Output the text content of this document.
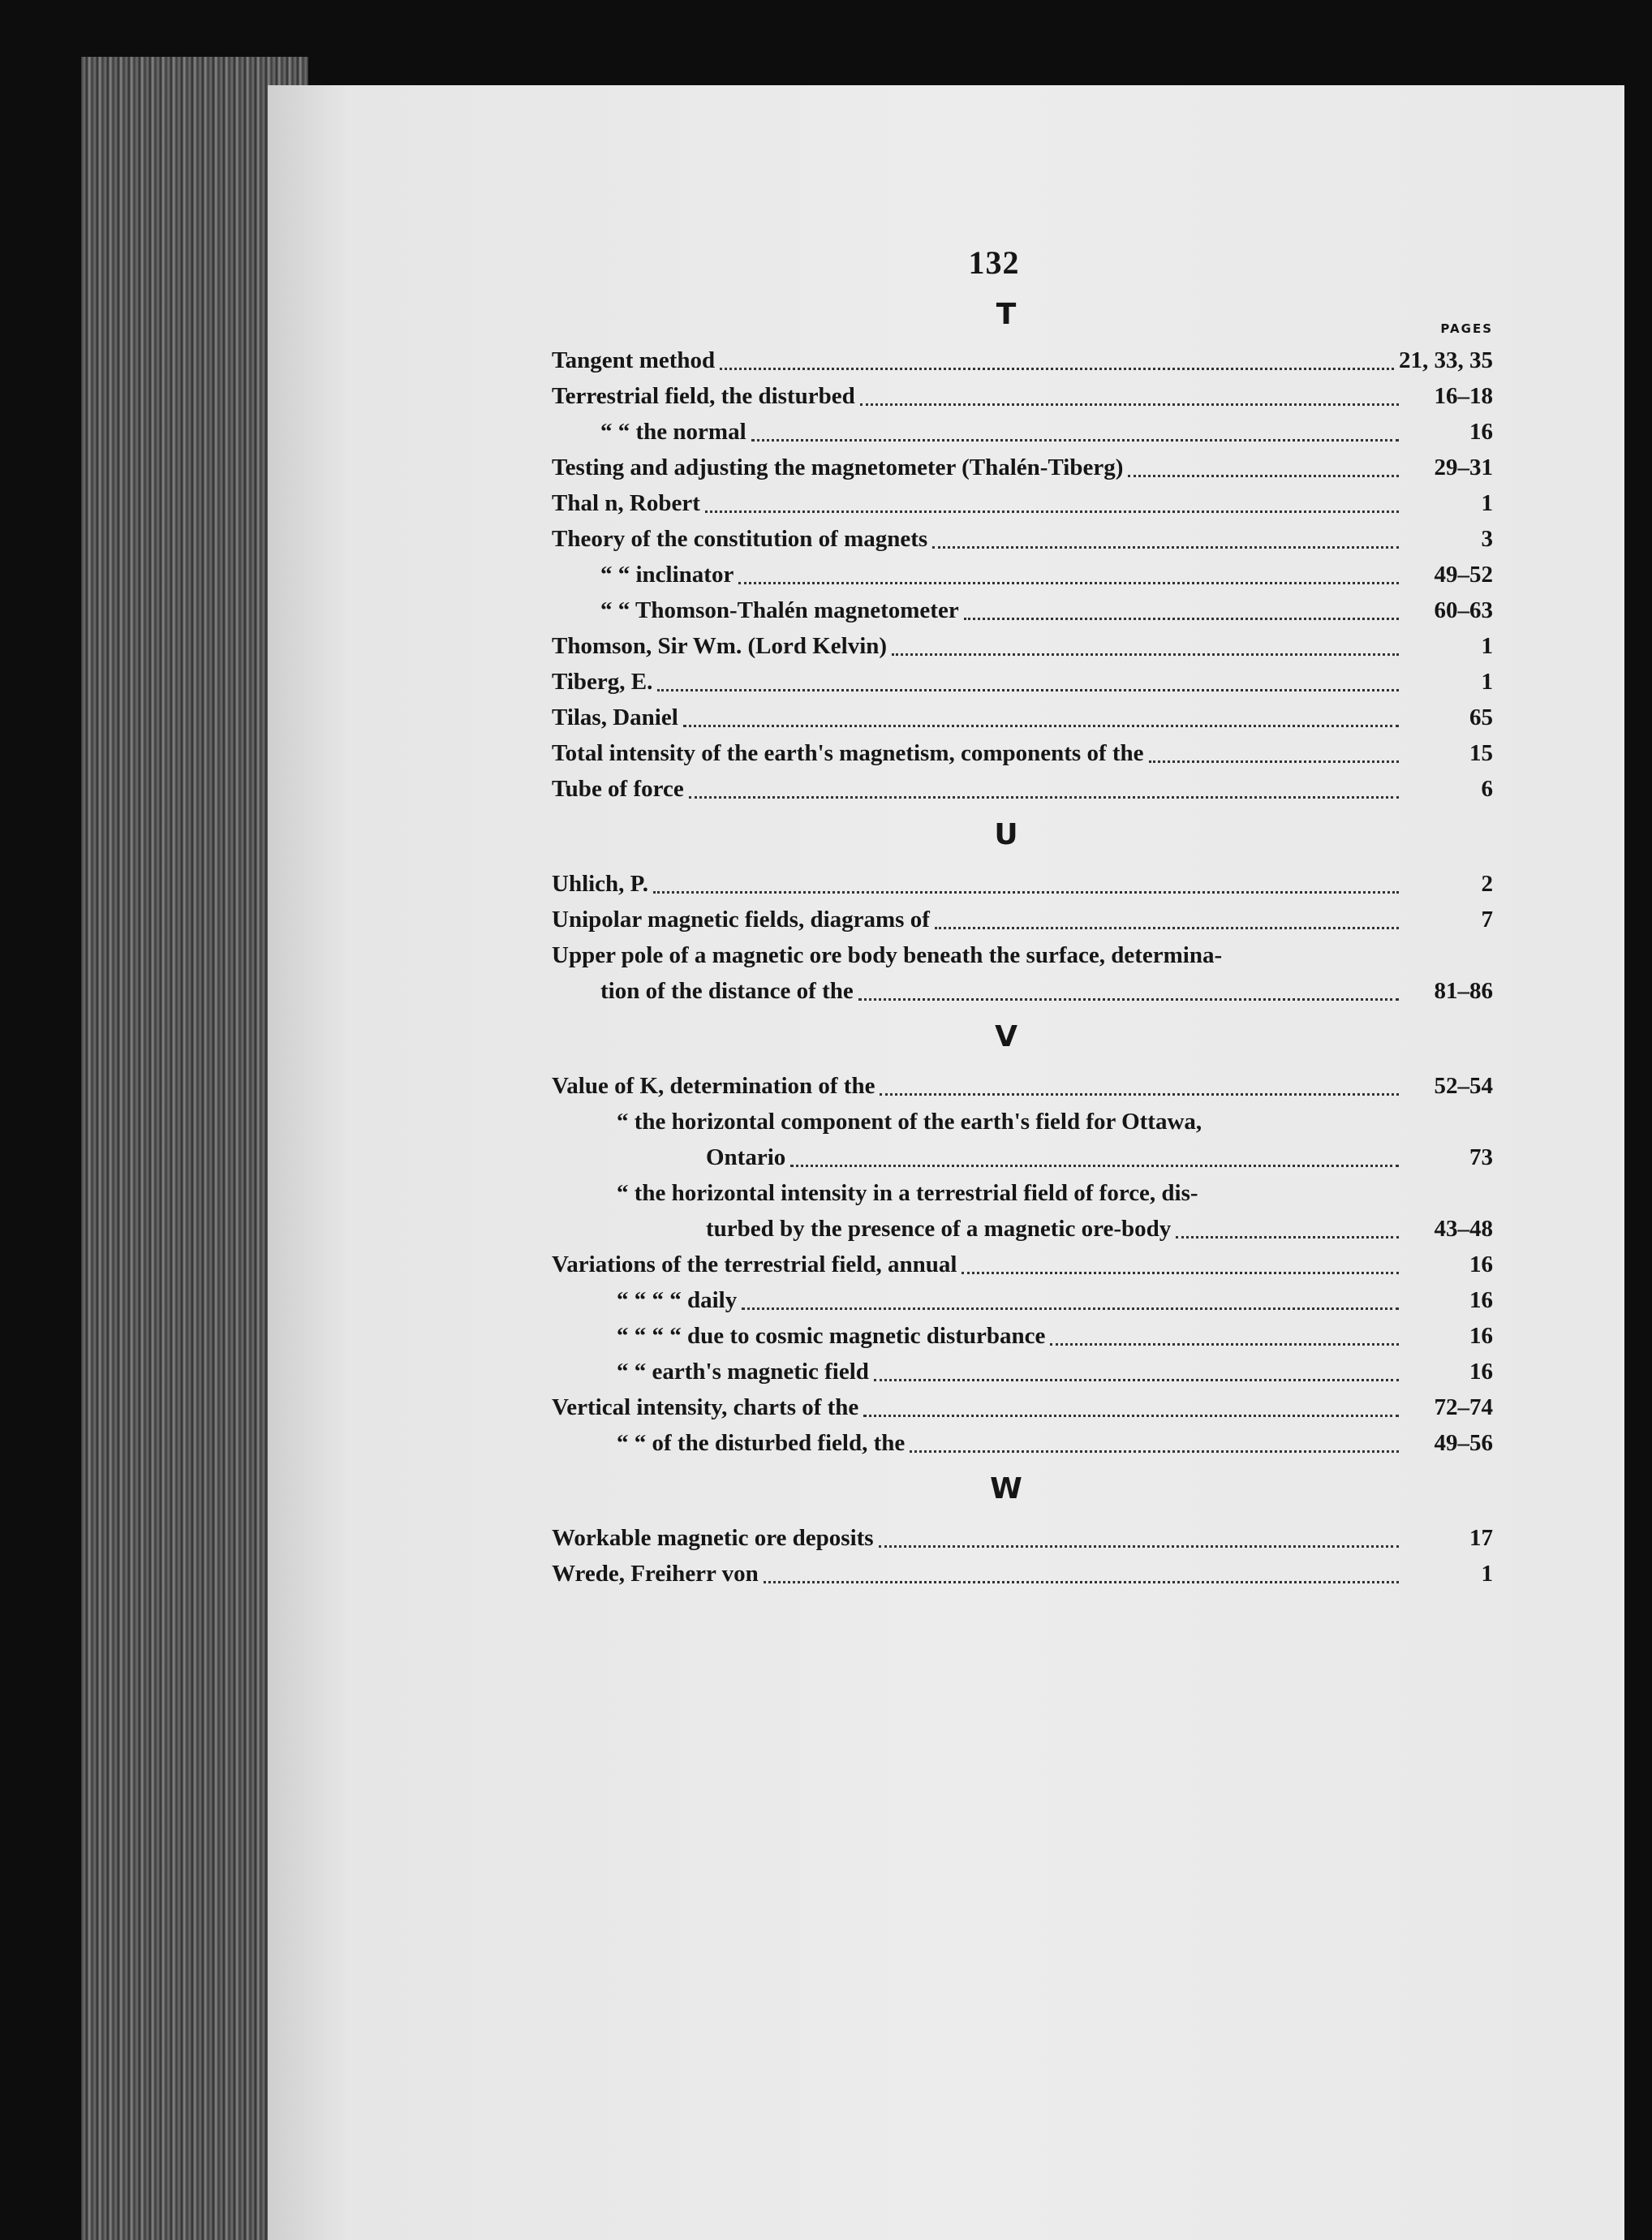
132
T	PAGES
Tangent method	21, 33, 35
Terrestrial field, the disturbed	16–18
“ “ the normal	16
Testing and adjusting the magnetometer (Thalén-Tiberg)	29–31
Thal n, Robert	1
Theory of the constitution of magnets	3
“ “ inclinator	49–52
“ “ Thomson-Thalén magnetometer	60–63
Thomson, Sir Wm. (Lord Kelvin)	1
Tiberg, E.	1
Tilas, Daniel	65
Total intensity of the earth's magnetism, components of the	15
Tube of force	6
U
Uhlich, P.	2
Unipolar magnetic fields, diagrams of	7
Upper pole of a magnetic ore body beneath the surface, determina-
tion of the distance of the	81–86
V
Value of K, determination of the	52–54
“ the horizontal component of the earth's field for Ottawa,
Ontario	73
“ the horizontal intensity in a terrestrial field of force, dis-
turbed by the presence of a magnetic ore-body	43–48
Variations of the terrestrial field, annual	16
“ “ “ “ daily	16
“ “ “ “ due to cosmic magnetic disturbance	16
“ “ earth's magnetic field	16
Vertical intensity, charts of the	72–74
“ “ of the disturbed field, the	49–56
W
Workable magnetic ore deposits	17
Wrede, Freiherr von	1
